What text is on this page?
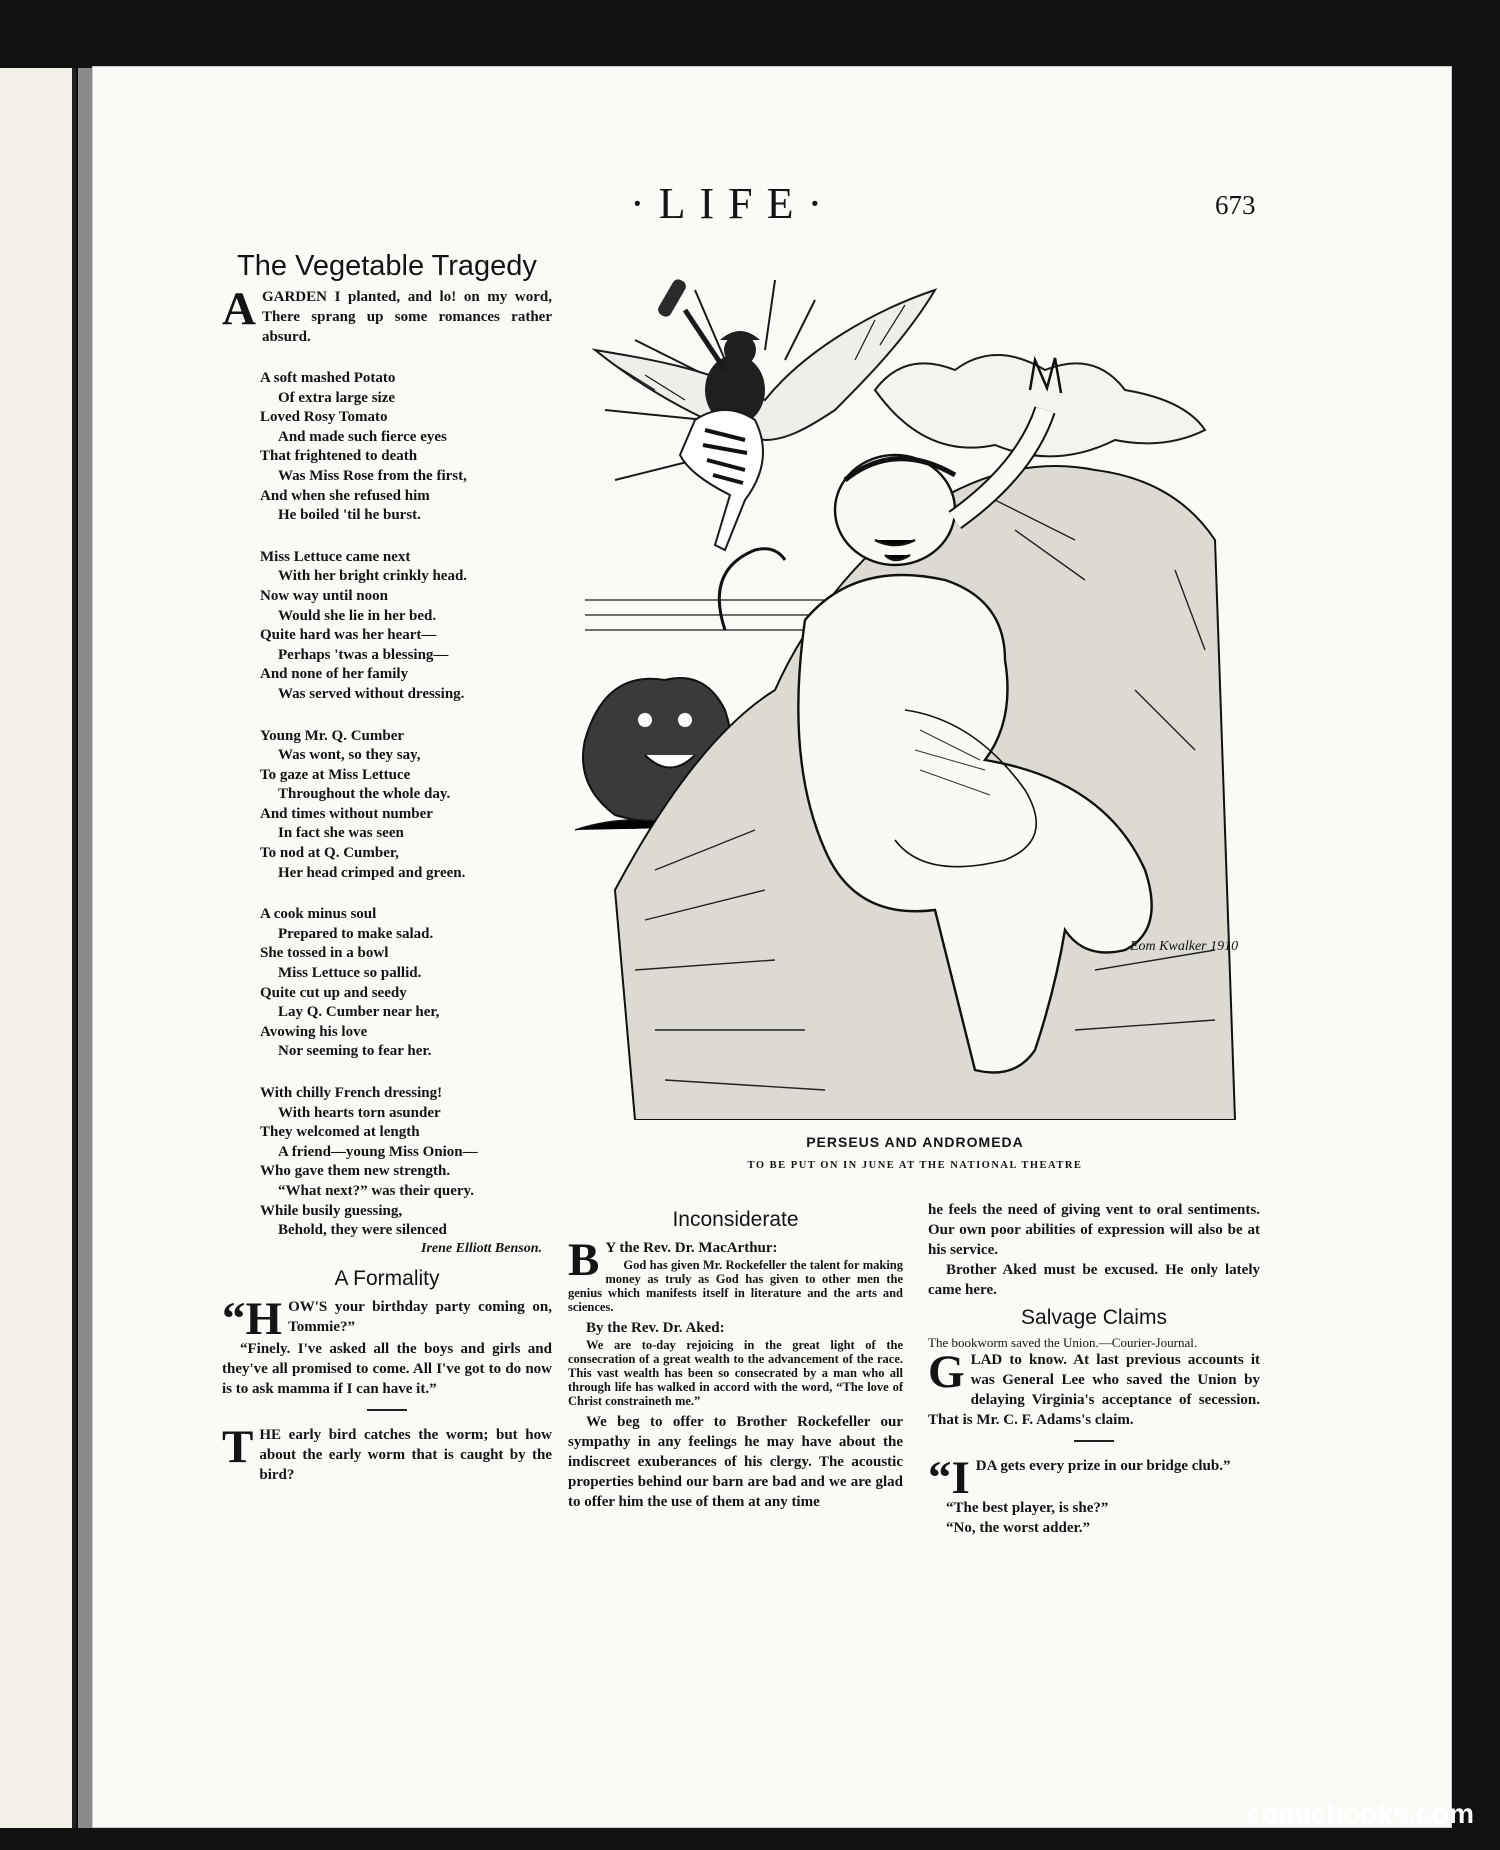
·LIFE·	673
The Vegetable Tragedy

A GARDEN I planted, and lo! on my word, There sprang up some romances rather absurd.

A soft mashed Potato
Of extra large size
Loved Rosy Tomato
And made such fierce eyes
That frightened to death
Was Miss Rose from the first,
And when she refused him
He boiled 'til he burst.
Miss Lettuce came next
With her bright crinkly head.
Now way until noon
Would she lie in her bed.
Quite hard was her heart—
Perhaps 'twas a blessing—
And none of her family
Was served without dressing.
Young Mr. Q. Cumber
Was wont, so they say,
To gaze at Miss Lettuce
Throughout the whole day.
And times without number
In fact she was seen
To nod at Q. Cumber,
Her head crimped and green.
A cook minus soul
Prepared to make salad.
She tossed in a bowl
Miss Lettuce so pallid.
Quite cut up and seedy
Lay Q. Cumber near her,
Avowing his love
Nor seeming to fear her.
With chilly French dressing!
With hearts torn asunder
They welcomed at length
A friend—young Miss Onion—
Who gave them new strength.
“What next?” was their query.
While busily guessing,
Behold, they were silenced

Irene Elliott Benson.

A Formality

“H OW'S your birthday party coming on, Tommie?”

“Finely. I've asked all the boys and girls and they've all promised to come. All I've got to do now is to ask mamma if I can have it.”

T HE early bird catches the worm; but how about the early worm that is caught by the bird?

Eom Kwalker 1910
PERSEUS AND ANDROMEDA
TO BE PUT ON IN JUNE AT THE NATIONAL THEATRE
Inconsiderate

B Y the Rev. Dr. MacArthur:

God has given Mr. Rockefeller the talent for making money as truly as God has given to other men the genius which manifests itself in literature and the arts and sciences.

By the Rev. Dr. Aked:

We are to-day rejoicing in the great light of the consecration of a great wealth to the advancement of the race. This vast wealth has been so consecrated by a man who all through life has walked in accord with the word, “The love of Christ constraineth me.”

We beg to offer to Brother Rockefeller our sympathy in any feelings he may have about the indiscreet exuberances of his clergy. The acoustic properties behind our barn are bad and we are glad to offer him the use of them at any time

he feels the need of giving vent to oral sentiments. Our own poor abilities of expression will also be at his service.

Brother Aked must be excused. He only lately came here.

Salvage Claims

The bookworm saved the Union.—Courier-Journal.

G LAD to know. At last previous accounts it was General Lee who saved the Union by delaying Virginia's acceptance of secession. That is Mr. C. F. Adams's claim.

“I DA gets every prize in our bridge club.”

“The best player, is she?”

“No, the worst adder.”

comicbooks.com
